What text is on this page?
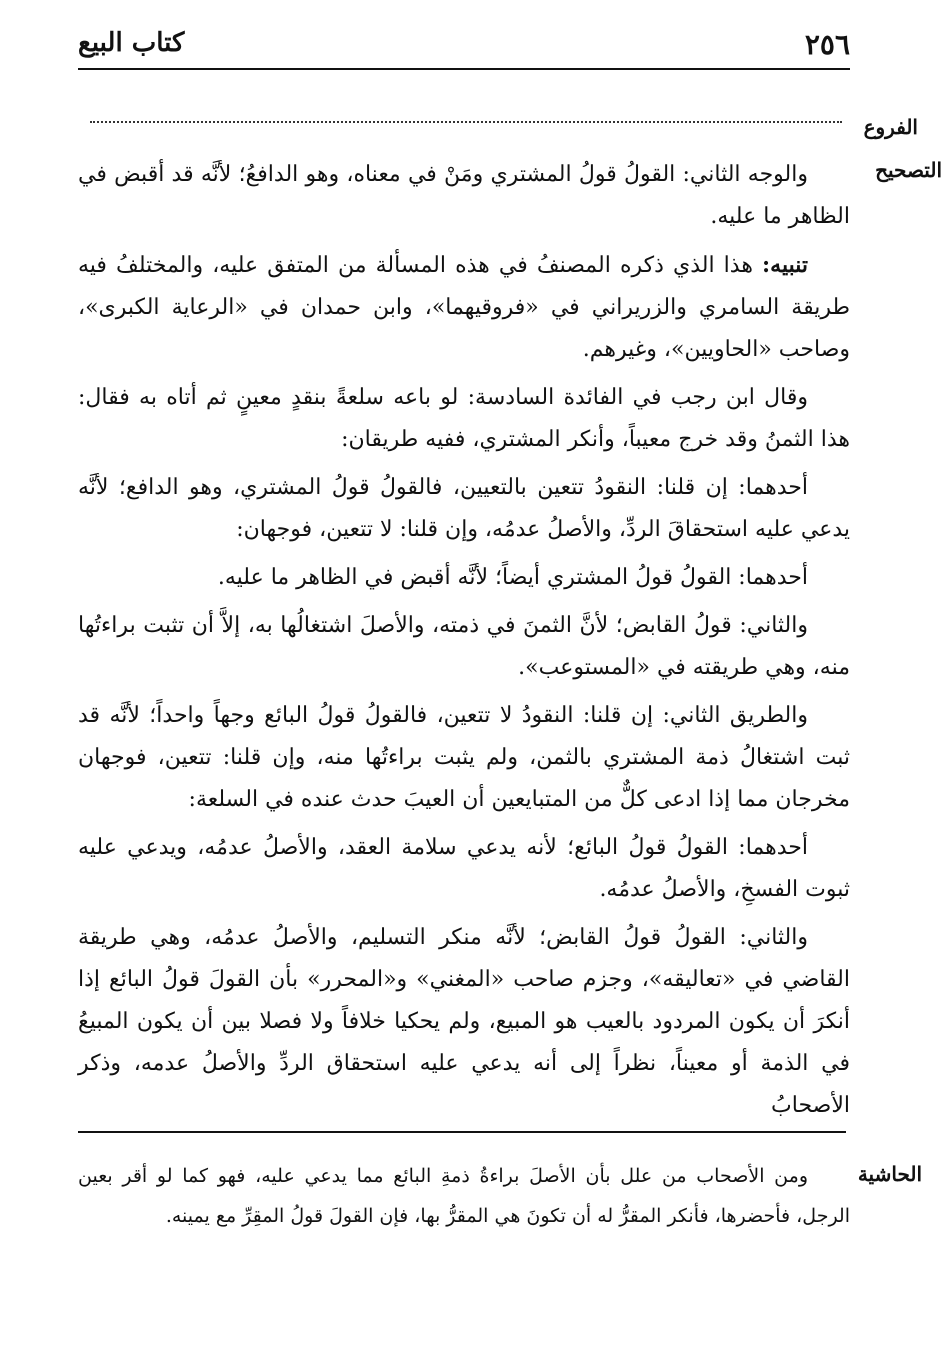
٢٥٦
كتاب البيع
الفروع
التصحيح

والوجه الثاني: القولُ قولُ المشتري ومَنْ في معناه، وهو الدافعُ؛ لأنَّه قد أقبض في الظاهر ما عليه.

تنبيه: هذا الذي ذكره المصنفُ في هذه المسألة من المتفق عليه، والمختلفُ فيه طريقة السامري والزريراني في «فروقيهما»، وابن حمدان في «الرعاية الكبرى»، وصاحب «الحاويين»، وغيرهم.

وقال ابن رجب في الفائدة السادسة: لو باعه سلعةً بنقدٍ معينٍ ثم أتاه به فقال: هذا الثمنُ وقد خرج معيباً، وأنكر المشتري، ففيه طريقان:

أحدهما: إن قلنا: النقودُ تتعين بالتعيين، فالقولُ قولُ المشتري، وهو الدافع؛ لأنَّه يدعي عليه استحقاقَ الردِّ، والأصلُ عدمُه، وإن قلنا: لا تتعين، فوجهان:

أحدهما: القولُ قولُ المشتري أيضاً؛ لأنَّه أقبض في الظاهر ما عليه.

والثاني: قولُ القابض؛ لأنَّ الثمنَ في ذمته، والأصلَ اشتغالُها به، إلاَّ أن تثبت براءتُها منه، وهي طريقته في «المستوعب».

والطريق الثاني: إن قلنا: النقودُ لا تتعين، فالقولُ قولُ البائع وجهاً واحداً؛ لأنَّه قد ثبت اشتغالُ ذمة المشتري بالثمن، ولم يثبت براءتُها منه، وإن قلنا: تتعين، فوجهان مخرجان مما إذا ادعى كلٌّ من المتبايعين أن العيبَ حدث عنده في السلعة:

أحدهما: القولُ قولُ البائع؛ لأنه يدعي سلامة العقد، والأصلُ عدمُه، ويدعي عليه ثبوت الفسخِ، والأصلُ عدمُه.

والثاني: القولُ قولُ القابض؛ لأنَّه منكر التسليم، والأصلُ عدمُه، وهي طريقة القاضي في «تعاليقه»، وجزم صاحب «المغني» و«المحرر» بأن القولَ قولُ البائع إذا أنكرَ أن يكون المردود بالعيب هو المبيع، ولم يحكيا خلافاً ولا فصلا بين أن يكون المبيعُ في الذمة أو معيناً، نظراً إلى أنه يدعي عليه استحقاق الردِّ والأصلُ عدمه، وذكر الأصحابُ

الحاشية

ومن الأصحاب من علل بأن الأصلَ براءةُ ذمةِ البائع مما يدعي عليه، فهو كما لو أقر بعين الرجل، فأحضرها، فأنكر المقرُّ له أن تكونَ هي المقرُّ بها، فإن القولَ قولُ المقِرِّ مع يمينه.
